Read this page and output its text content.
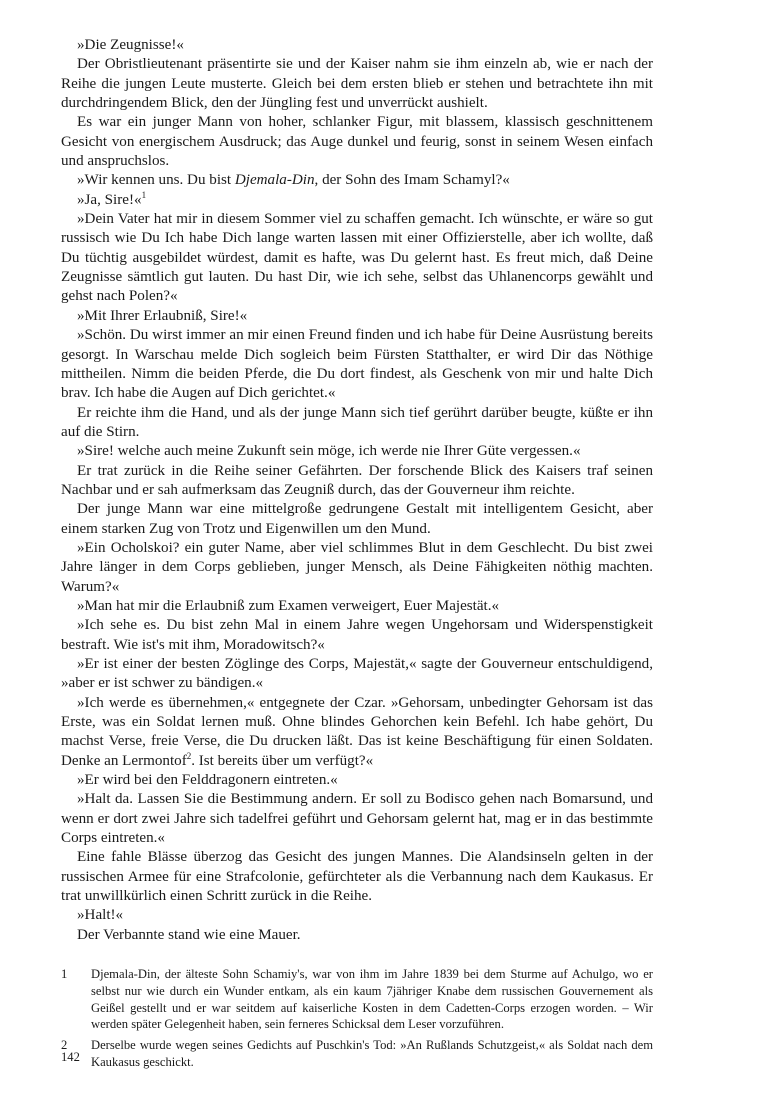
»Die Zeugnisse!«

Der Obristlieutenant präsentirte sie und der Kaiser nahm sie ihm einzeln ab, wie er nach der Reihe die jungen Leute musterte. Gleich bei dem ersten blieb er stehen und betrachtete ihn mit durchdringendem Blick, den der Jüngling fest und unverrückt aushielt.

Es war ein junger Mann von hoher, schlanker Figur, mit blassem, klassisch geschnittenem Gesicht von energischem Ausdruck; das Auge dunkel und feurig, sonst in seinem Wesen einfach und anspruchslos.

»Wir kennen uns. Du bist Djemala-Din, der Sohn des Imam Schamyl?«

»Ja, Sire!«$^1$

»Dein Vater hat mir in diesem Sommer viel zu schaffen gemacht. Ich wünschte, er wäre so gut russisch wie Du Ich habe Dich lange warten lassen mit einer Offizierstelle, aber ich wollte, daß Du tüchtig ausgebildet würdest, damit es hafte, was Du gelernt hast. Es freut mich, daß Deine Zeugnisse sämtlich gut lauten. Du hast Dir, wie ich sehe, selbst das Uhlanencorps gewählt und gehst nach Polen?«

»Mit Ihrer Erlaubniß, Sire!«

»Schön. Du wirst immer an mir einen Freund finden und ich habe für Deine Ausrüstung bereits gesorgt. In Warschau melde Dich sogleich beim Fürsten Statthalter, er wird Dir das Nöthige mittheilen. Nimm die beiden Pferde, die Du dort findest, als Geschenk von mir und halte Dich brav. Ich habe die Augen auf Dich gerichtet.«

Er reichte ihm die Hand, und als der junge Mann sich tief gerührt darüber beugte, küßte er ihn auf die Stirn.

»Sire! welche auch meine Zukunft sein möge, ich werde nie Ihrer Güte vergessen.«

Er trat zurück in die Reihe seiner Gefährten. Der forschende Blick des Kaisers traf seinen Nachbar und er sah aufmerksam das Zeugniß durch, das der Gouverneur ihm reichte.

Der junge Mann war eine mittelgroße gedrungene Gestalt mit intelligentem Gesicht, aber einem starken Zug von Trotz und Eigenwillen um den Mund.

»Ein Ocholskoi? ein guter Name, aber viel schlimmes Blut in dem Geschlecht. Du bist zwei Jahre länger in dem Corps geblieben, junger Mensch, als Deine Fähigkeiten nöthig machten. Warum?«

»Man hat mir die Erlaubniß zum Examen verweigert, Euer Majestät.«

»Ich sehe es. Du bist zehn Mal in einem Jahre wegen Ungehorsam und Widerspenstigkeit bestraft. Wie ist's mit ihm, Moradowitsch?«

»Er ist einer der besten Zöglinge des Corps, Majestät,« sagte der Gouverneur entschuldigend, »aber er ist schwer zu bändigen.«

»Ich werde es übernehmen,« entgegnete der Czar. »Gehorsam, unbedingter Gehorsam ist das Erste, was ein Soldat lernen muß. Ohne blindes Gehorchen kein Befehl. Ich habe gehört, Du machst Verse, freie Verse, die Du drucken läßt. Das ist keine Beschäftigung für einen Soldaten. Denke an Lermontof$^2$. Ist bereits über um verfügt?«

»Er wird bei den Felddragonern eintreten.«

»Halt da. Lassen Sie die Bestimmung andern. Er soll zu Bodisco gehen nach Bomarsund, und wenn er dort zwei Jahre sich tadelfrei geführt und Gehorsam gelernt hat, mag er in das bestimmte Corps eintreten.«

Eine fahle Blässe überzog das Gesicht des jungen Mannes. Die Alandsinseln gelten in der russischen Armee für eine Strafcolonie, gefürchteter als die Verbannung nach dem Kaukasus. Er trat unwillkürlich einen Schritt zurück in die Reihe.

»Halt!«

Der Verbannte stand wie eine Mauer.

1 Djemala-Din, der älteste Sohn Schamiy's, war von ihm im Jahre 1839 bei dem Sturme auf Achulgo, wo er selbst nur wie durch ein Wunder entkam, als ein kaum 7jähriger Knabe dem russischen Gouvernement als Geißel gestellt und er war seitdem auf kaiserliche Kosten in dem Cadetten-Corps erzogen worden. – Wir werden später Gelegenheit haben, sein ferneres Schicksal dem Leser vorzuführen.
2 Derselbe wurde wegen seines Gedichts auf Puschkin's Tod: »An Rußlands Schutzgeist,« als Soldat nach dem Kaukasus geschickt.
142
